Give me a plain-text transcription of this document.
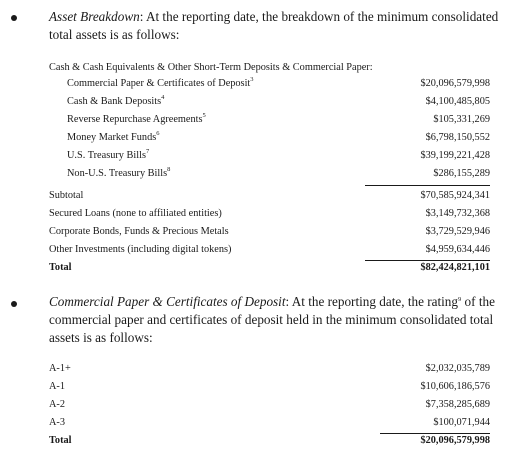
Asset Breakdown: At the reporting date, the breakdown of the minimum consolidated total assets is as follows:
Cash & Cash Equivalents & Other Short-Term Deposits & Commercial Paper:
Commercial Paper & Certificates of Deposit$^3$	$20,096,579,998
Cash & Bank Deposits$^4$	$4,100,485,805
Reverse Repurchase Agreements$^5$	$105,331,269
Money Market Funds$^6$	$6,798,150,552
U.S. Treasury Bills$^7$	$39,199,221,428
Non-U.S. Treasury Bills$^8$	$286,155,289
Subtotal	$70,585,924,341
Secured Loans (none to affiliated entities)	$3,149,732,368
Corporate Bonds, Funds & Precious Metals	$3,729,529,946
Other Investments (including digital tokens)	$4,959,634,446
Total	$82,424,821,101
Commercial Paper & Certificates of Deposit: At the reporting date, the rating$^9$ of the commercial paper and certificates of deposit held in the minimum consolidated total assets is as follows:
A-1+	$2,032,035,789
A-1	$10,606,186,576
A-2	$7,358,285,689
A-3	$100,071,944
Total	$20,096,579,998
